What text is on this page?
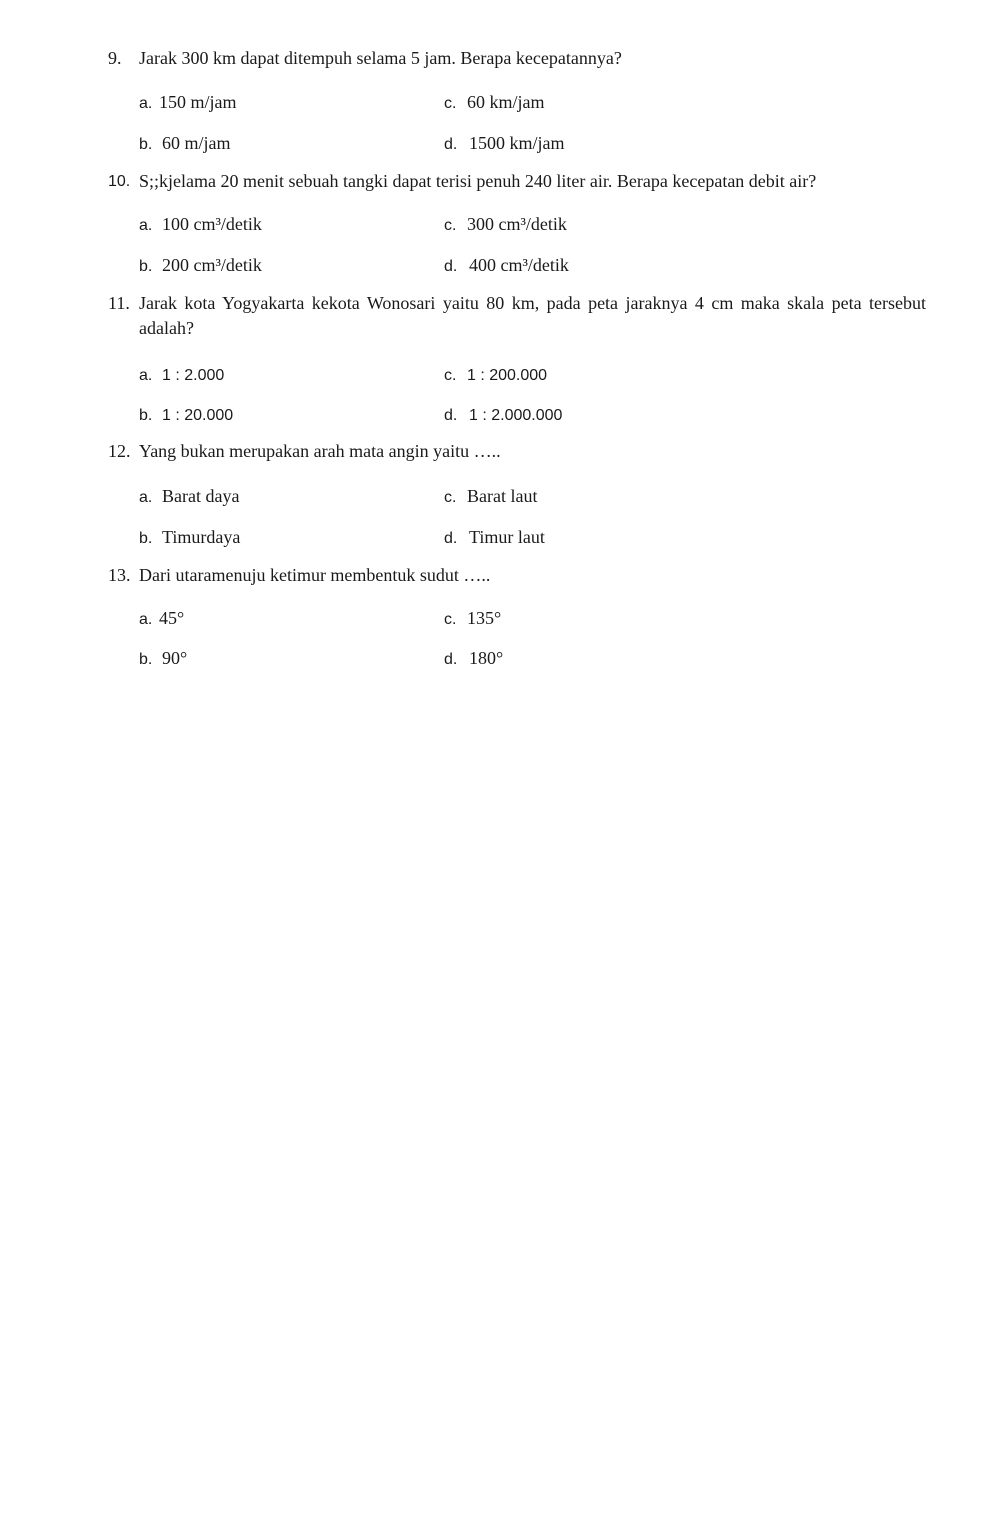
9. Jarak 300 km dapat ditempuh selama 5 jam. Berapa kecepatannya?
a. 150 m/jam	c. 60 km/jam
b. 60 m/jam	d. 1500 km/jam
10. S;;kjelama 20 menit sebuah tangki dapat terisi penuh 240 liter air. Berapa kecepatan debit air?
a. 100 cm³/detik	c. 300 cm³/detik
b. 200 cm³/detik	d. 400 cm³/detik
11. Jarak kota Yogyakarta kekota Wonosari yaitu 80 km, pada peta jaraknya 4 cm maka skala peta tersebut adalah?
a. 1 : 2.000	c. 1 : 200.000
b. 1 : 20.000	d. 1 : 2.000.000
12. Yang bukan merupakan arah mata angin yaitu …..
a. Barat daya	c. Barat laut
b. Timurdaya	d. Timur laut
13. Dari utaramenuju ketimur membentuk sudut …..
a. 45°	c. 135°
b. 90°	d. 180°
